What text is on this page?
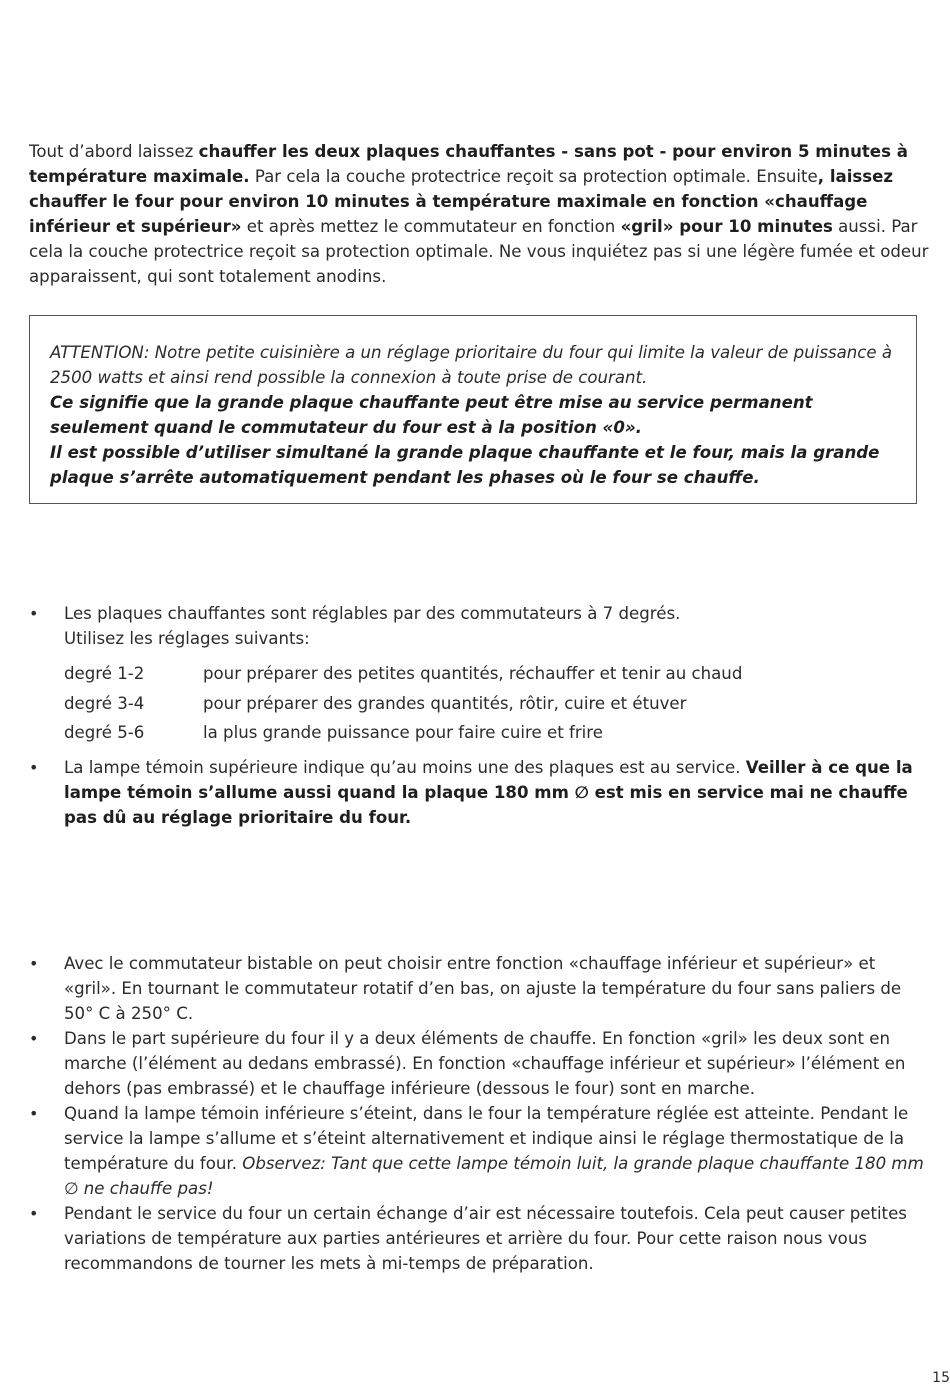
Tout d’abord laissez chauffer les deux plaques chauffantes - sans pot - pour environ 5 minutes à température maximale. Par cela la couche protectrice reçoit sa protection optimale. Ensuite, laissez chauffer le four pour environ 10 minutes à température maximale en fonction «chauffage inférieur et supérieur» et après mettez le commutateur en fonction «gril» pour 10 minutes aussi. Par cela la couche protectrice reçoit sa protection optimale. Ne vous inquiétez pas si une légère fumée et odeur apparaissent, qui sont totalement anodins.

ATTENTION: Notre petite cuisinière a un réglage prioritaire du four qui limite la valeur de puissance à 2500 watts et ainsi rend possible la connexion à toute prise de courant.

Ce signifie que la grande plaque chauffante peut être mise au service permanent seulement quand le commutateur du four est à la position «0».

Il est possible d’utiliser simultané la grande plaque chauffante et le four, mais la grande plaque s’arrête automatiquement pendant les phases où le four se chauffe.

• Les plaques chauffantes sont réglables par des commutateurs à 7 degrés.
Utilisez les réglages suivants:
degré 1-2	pour préparer des petites quantités, réchauffer et tenir au chaud
degré 3-4	pour préparer des grandes quantités, rôtir, cuire et étuver
degré 5-6	la plus grande puissance pour faire cuire et frire
• La lampe témoin supérieure indique qu’au moins une des plaques est au service. Veiller à ce que la lampe témoin s’allume aussi quand la plaque 180 mm ∅ est mis en service mai ne chauffe pas dû au réglage prioritaire du four.
• Avec le commutateur bistable on peut choisir entre fonction «chauffage inférieur et supérieur» et «gril». En tournant le commutateur rotatif d’en bas, on ajuste la température du four sans paliers de 50° C à 250° C.
• Dans le part supérieure du four il y a deux éléments de chauffe. En fonction «gril» les deux sont en marche (l’élément au dedans embrassé). En fonction «chauffage inférieur et supérieur» l’élément en dehors (pas embrassé) et le chauffage inférieure (dessous le four) sont en marche.
• Quand la lampe témoin inférieure s’éteint, dans le four la température réglée est atteinte. Pendant le service la lampe s’allume et s’éteint alternativement et indique ainsi le réglage thermostatique de la température du four. Observez: Tant que cette lampe témoin luit, la grande plaque chauffante 180 mm ∅ ne chauffe pas!
• Pendant le service du four un certain échange d’air est nécessaire toutefois. Cela peut causer petites variations de température aux parties antérieures et arrière du four. Pour cette raison nous vous recommandons de tourner les mets à mi-temps de préparation.
15
